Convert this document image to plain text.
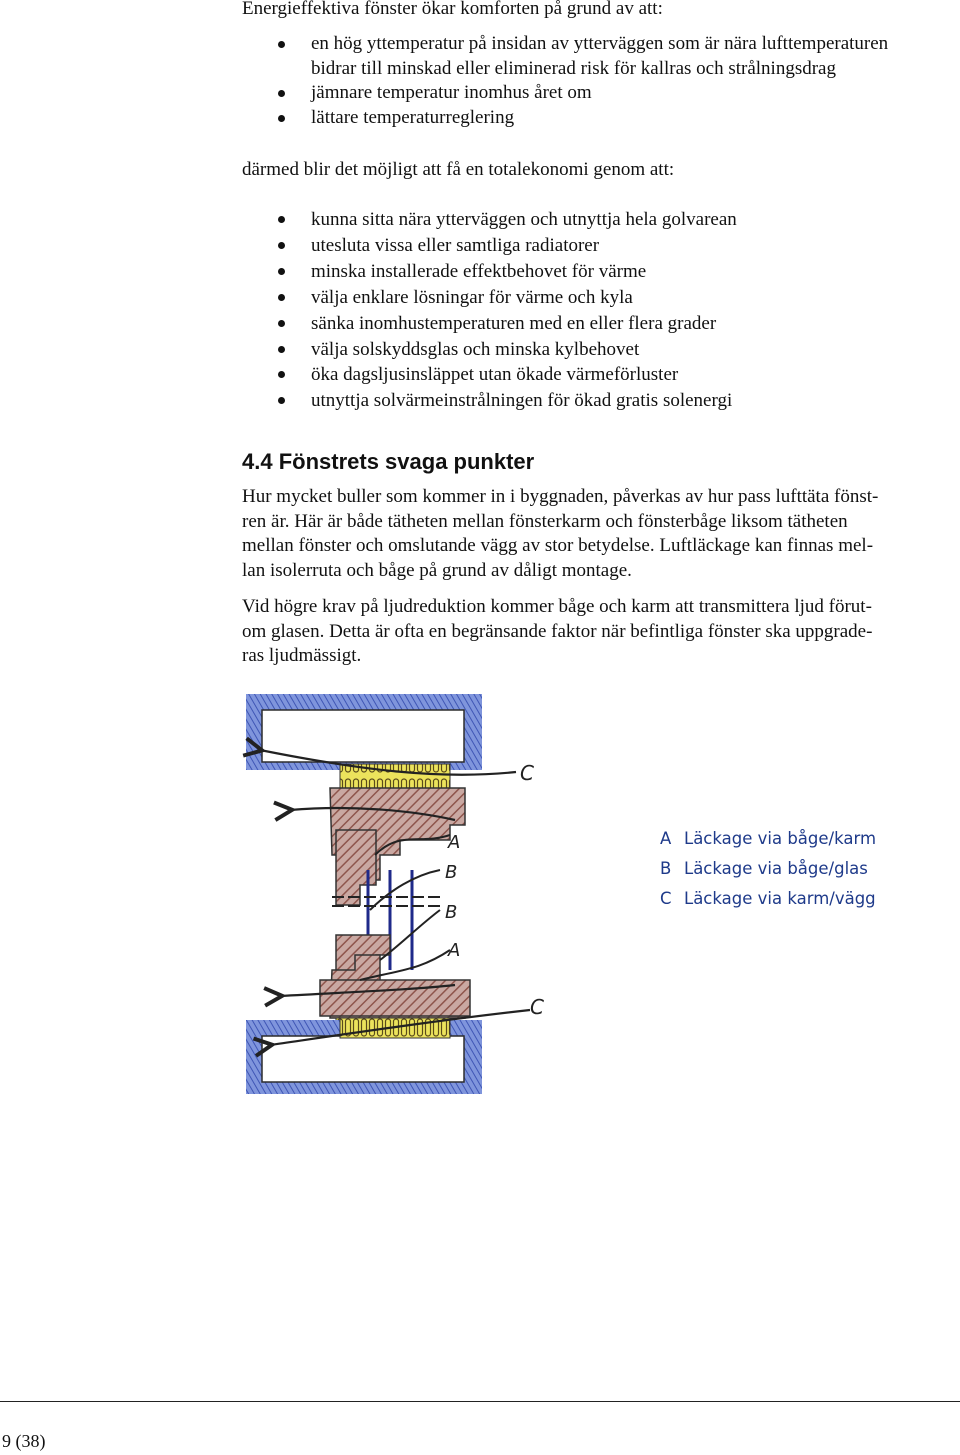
Energieffektiva fönster ökar komforten på grund av att:

en hög yttemperatur på insidan av ytterväggen som är nära lufttemperaturen
bidrar till minskad eller eliminerad risk för kallras och strålningsdrag
jämnare temperatur inomhus året om
lättare temperaturreglering

därmed blir det möjligt att få en totalekonomi genom att:

kunna sitta nära ytterväggen och utnyttja hela golvarean
utesluta vissa eller samtliga radiatorer
minska installerade effektbehovet för värme
välja enklare lösningar för värme och kyla
sänka inomhustemperaturen med en eller flera grader
välja solskyddsglas och minska kylbehovet
öka dagsljusinsläppet utan ökade värmeförluster
utnyttja solvärmeinstrålningen för ökad gratis solenergi
4.4 Fönstrets svaga punkter

Hur mycket buller som kommer in i byggnaden, påverkas av hur pass lufttäta fönst-
ren är. Här är både tätheten mellan fönsterkarm och fönsterbåge liksom tätheten
mellan fönster och omslutande vägg av stor betydelse. Luftläckage kan finnas mel-
lan isolerruta och båge på grund av dåligt montage.

Vid högre krav på ljudreduktion kommer båge och karm att transmittera ljud förut-
om glasen. Detta är ofta en begränsande faktor när befintliga fönster ska uppgrade-
ras ljudmässigt.

C
A
B
B
A
C
A Läckage via båge/karm
B Läckage via båge/glas
C Läckage via karm/vägg
9 (38)
